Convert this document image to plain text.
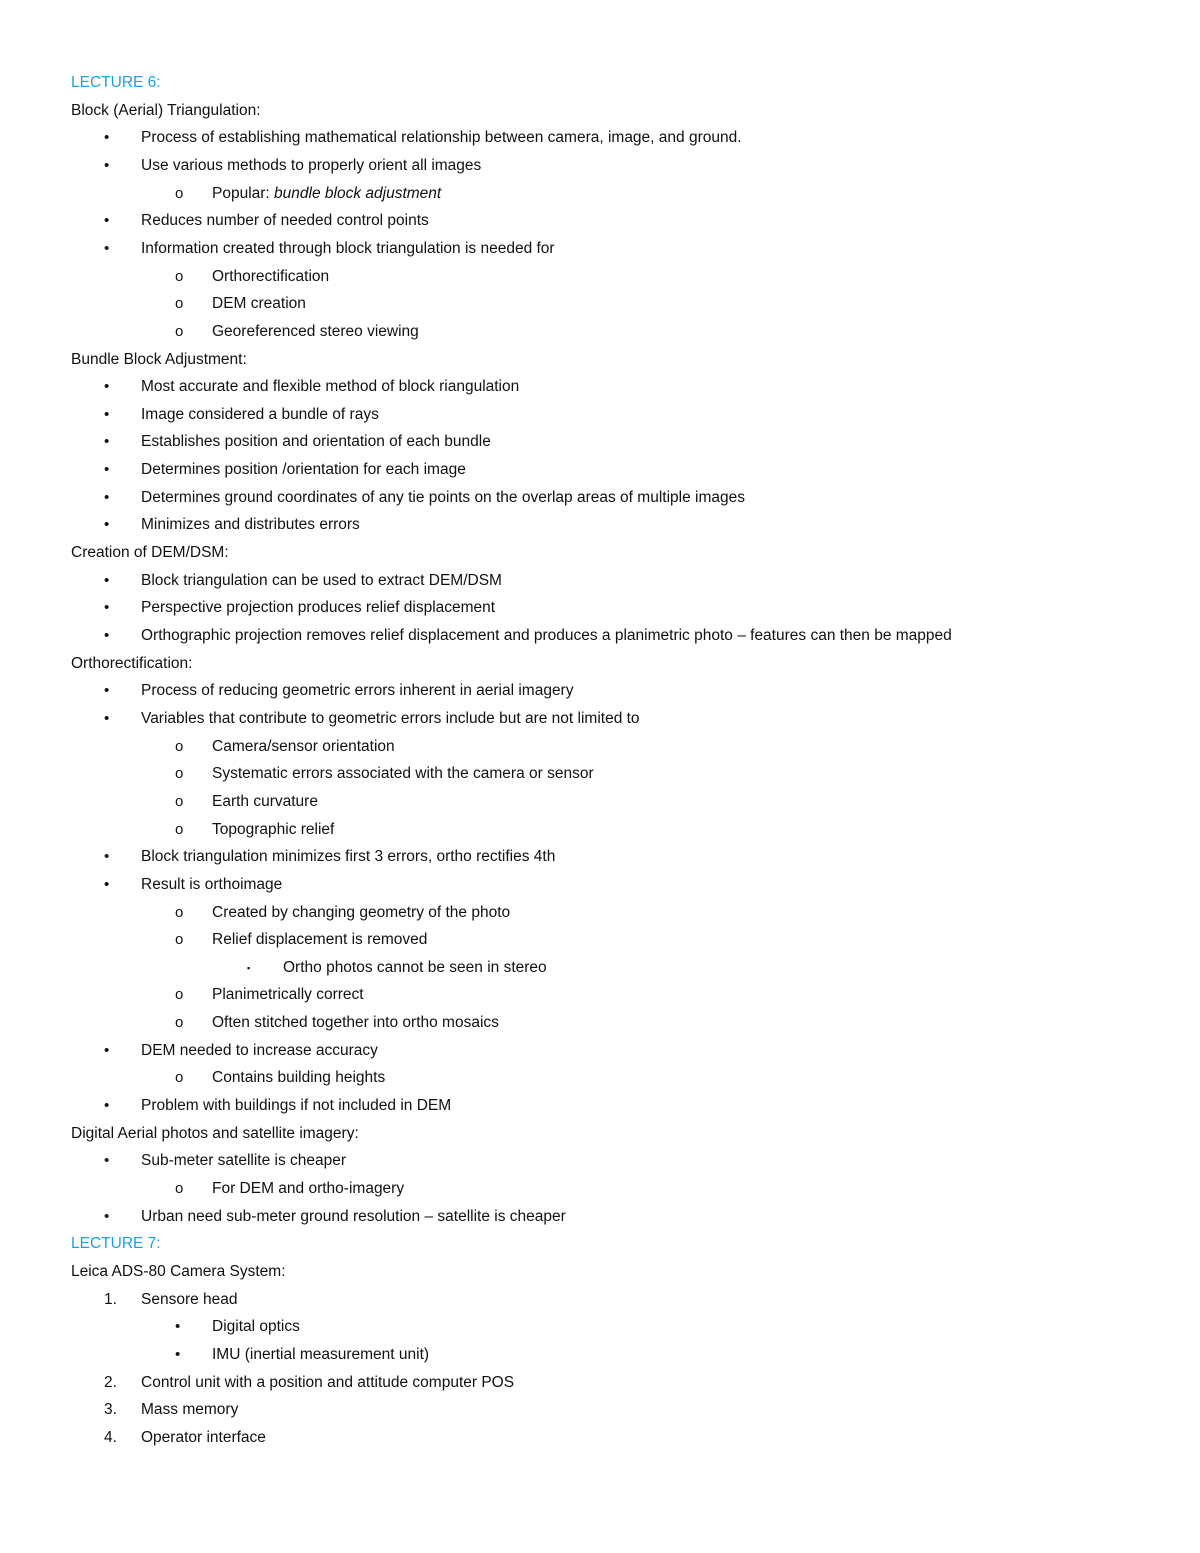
LECTURE 6:
Block (Aerial) Triangulation:
• Process of establishing mathematical relationship between camera, image, and ground.
• Use various methods to properly orient all images
o Popular: bundle block adjustment
• Reduces number of needed control points
• Information created through block triangulation is needed for
o Orthorectification
o DEM creation
o Georeferenced stereo viewing
Bundle Block Adjustment:
• Most accurate and flexible method of block riangulation
• Image considered a bundle of rays
• Establishes position and orientation of each bundle
• Determines position /orientation for each image
• Determines ground coordinates of any tie points on the overlap areas of multiple images
• Minimizes and distributes errors
Creation of DEM/DSM:
• Block triangulation can be used to extract DEM/DSM
• Perspective projection produces relief displacement
• Orthographic projection removes relief displacement and produces a planimetric photo – features can then be mapped
Orthorectification:
• Process of reducing geometric errors inherent in aerial imagery
• Variables that contribute to geometric errors include but are not limited to
o Camera/sensor orientation
o Systematic errors associated with the camera or sensor
o Earth curvature
o Topographic relief
• Block triangulation minimizes first 3 errors, ortho rectifies 4th
• Result is orthoimage
o Created by changing geometry of the photo
o Relief displacement is removed
▪ Ortho photos cannot be seen in stereo
o Planimetrically correct
o Often stitched together into ortho mosaics
• DEM needed to increase accuracy
o Contains building heights
• Problem with buildings if not included in DEM
Digital Aerial photos and satellite imagery:
• Sub-meter satellite is cheaper
o For DEM and ortho-imagery
• Urban need sub-meter ground resolution – satellite is cheaper
LECTURE 7:
Leica ADS-80 Camera System:
1. Sensore head
• Digital optics
• IMU (inertial measurement unit)
2. Control unit with a position and attitude computer POS
3. Mass memory
4. Operator interface
